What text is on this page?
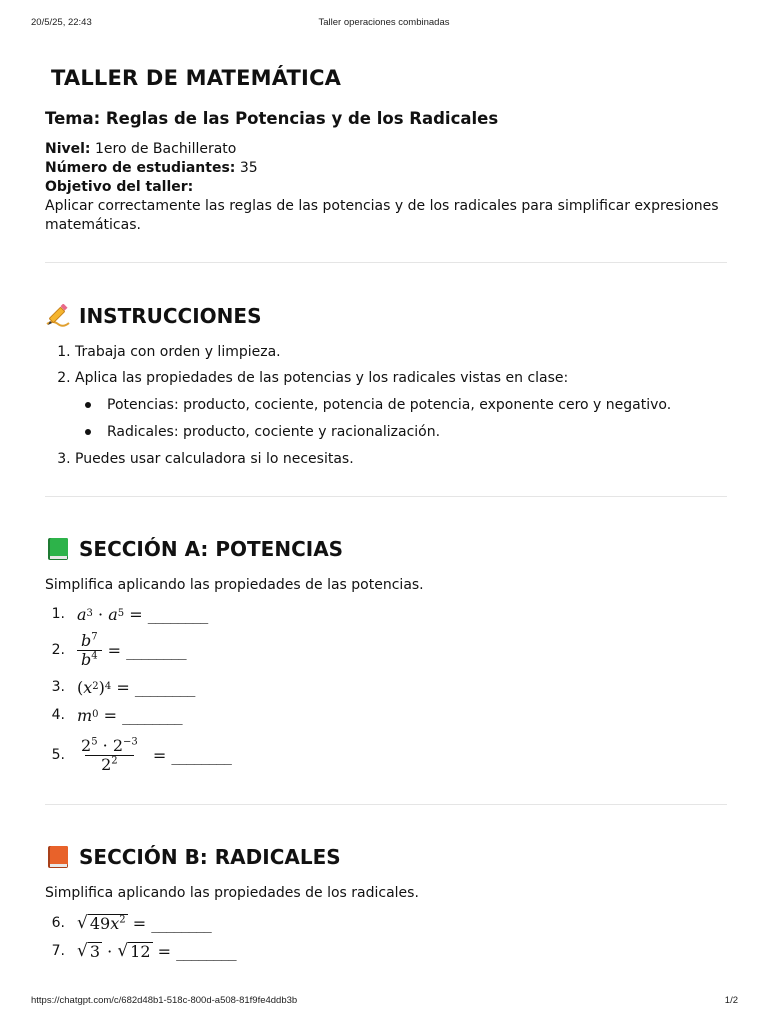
20/5/25, 22:43	Taller operaciones combinadas
TALLER DE MATEMÁTICA
Tema: Reglas de las Potencias y de los Radicales
Nivel: 1ero de Bachillerato
Número de estudiantes: 35
Objetivo del taller:
Aplicar correctamente las reglas de las potencias y de los radicales para simplificar expresiones matemáticas.
INSTRUCCIONES
1. Trabaja con orden y limpieza.
2. Aplica las propiedades de las potencias y los radicales vistas en clase:
Potencias: producto, cociente, potencia de potencia, exponente cero y negativo.
Radicales: producto, cociente y racionalización.
3. Puedes usar calculadora si lo necesitas.
SECCIÓN A: POTENCIAS
Simplifica aplicando las propiedades de las potencias.
1. a 3
·
a 5
=
________
2. $\frac{b^7}{b^4}$ =
________
3. ( x 2 ) 4
=
________
4. m 0
=
________
5. $\frac{2^5 \cdot 2^{-3}}{2^2}$
=
________
SECCIÓN B: RADICALES
Simplifica aplicando las propiedades de los radicales.
6. √ $49x^2$
=
________
7. √ 3
·
√ 12
=
________
https://chatgpt.com/c/682d48b1-518c-800d-a508-81f9fe4ddb3b	1/2
